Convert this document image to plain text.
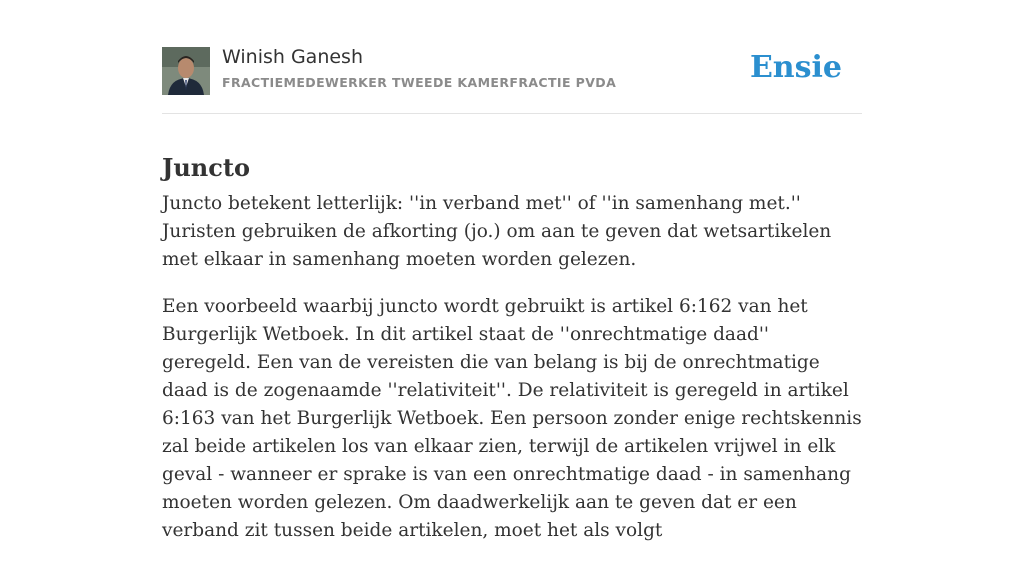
Winish Ganesh
FRACTIEMEDEWERKER TWEEDE KAMERFRACTIE PVDA	Ensie
Juncto

Juncto betekent letterlijk: ''in verband met'' of ''in samenhang met.'' Juristen gebruiken de afkorting (jo.) om aan te geven dat wetsartikelen met elkaar in samenhang moeten worden gelezen.

Een voorbeeld waarbij juncto wordt gebruikt is artikel 6:162 van het Burgerlijk Wetboek. In dit artikel staat de ''onrechtmatige daad'' geregeld. Een van de vereisten die van belang is bij de onrechtmatige daad is de zogenaamde ''relativiteit''. De relativiteit is geregeld in artikel 6:163 van het Burgerlijk Wetboek. Een persoon zonder enige rechtskennis zal beide artikelen los van elkaar zien, terwijl de artikelen vrijwel in elk geval - wanneer er sprake is van een onrechtmatige daad - in samenhang moeten worden gelezen. Om daadwerkelijk aan te geven dat er een verband zit tussen beide artikelen, moet het als volgt
